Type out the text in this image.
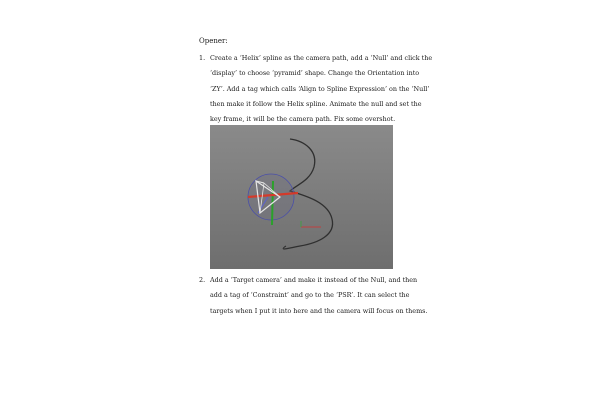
Opener:
1. Create a ‘Helix’ spline as the camera path, add a ‘Null’ and click the
‘display’ to choose ‘pyramid’ shape. Change the Orientation into
‘ZY’. Add a tag which calls ‘Align to Spline Expression’ on the ‘Null’
then make it follow the Helix spline. Animate the null and set the
key frame, it will be the camera path. Fix some overshot.
2. Add a ‘Target camera’ and make it instead of the Null, and then
add a tag of ‘Constraint’ and go to the ‘PSR’. It can select the
targets when I put it into here and the camera will focus on thems.
